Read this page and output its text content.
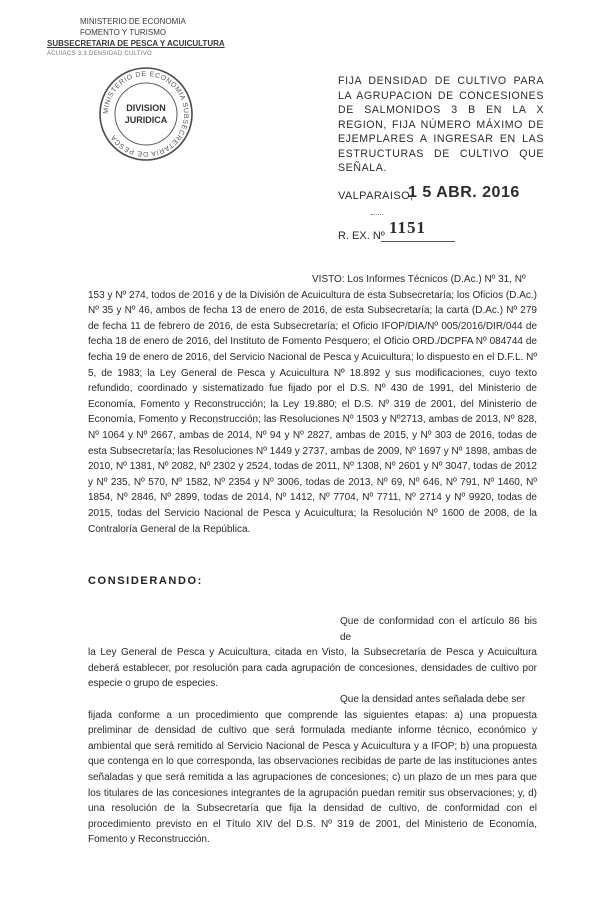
MINISTERIO DE ECONOMIA
FOMENTO Y TURISMO
SUBSECRETARIA DE PESCA Y ACUICULTURA
ACUIACS 3.3 DENSIDAD CULTIVO
MINISTERIO DE ECONOMIA SUBSECRETARIA DE PESCA
DIVISION
JURIDICA
FIJA DENSIDAD DE CULTIVO PARA LA AGRUPACION DE CONCESIONES DE SALMONIDOS 3 B EN LA X REGION, FIJA NÚMERO MÁXIMO DE EJEMPLARES A INGRESAR EN LAS ESTRUCTURAS DE CULTIVO QUE SEÑALA.
VALPARAISO,
1 5 ABR. 2016
R. EX. Nº 1151
VISTO: Los Informes Técnicos (D.Ac.) Nº 31, Nº
153 y Nº 274, todos de 2016 y de la División de Acuicultura de esta Subsecretaría; los Oficios (D.Ac.) Nº 35 y Nº 46, ambos de fecha 13 de enero de 2016, de esta Subsecretaría; la carta (D.Ac.) Nº 279 de fecha 11 de febrero de 2016, de esta Subsecretaría; el Oficio IFOP/DIA/Nº 005/2016/DIR/044 de fecha 18 de enero de 2016, del Instituto de Fomento Pesquero; el Oficio ORD./DCPFA Nº 084744 de fecha 19 de enero de 2016, del Servicio Nacional de Pesca y Acuicultura; lo dispuesto en el D.F.L. Nº 5, de 1983; la Ley General de Pesca y Acuicultura Nº 18.892 y sus modificaciones, cuyo texto refundido, coordinado y sistematizado fue fijado por el D.S. Nº 430 de 1991, del Ministerio de Economía, Fomento y Reconstrucción; la Ley 19.880; el D.S. Nº 319 de 2001, del Ministerio de Economía, Fomento y Reconstrucción; las Resoluciones Nº 1503 y Nº2713, ambas de 2013, Nº 828, Nº 1064 y Nº 2667, ambas de 2014, Nº 94 y Nº 2827, ambas de 2015, y Nº 303 de 2016, todas de esta Subsecretaría; las Resoluciones Nº 1449 y 2737, ambas de 2009, Nº 1697 y Nº 1898, ambas de 2010, Nº 1381, Nº 2082, Nº 2302 y 2524, todas de 2011, Nº 1308, Nº 2601 y Nº 3047, todas de 2012 y Nº 235, Nº 570, Nº 1582, Nº 2354 y Nº 3006, todas de 2013, Nº 69, Nº 646, Nº 791, Nº 1460, Nº 1854, Nº 2846, Nº 2899, todas de 2014, Nº 1412, Nº 7704, Nº 7711, Nº 2714 y Nº 9920, todas de 2015, todas del Servicio Nacional de Pesca y Acuicultura; la Resolución Nº 1600 de 2008, de la Contraloría General de la República.
CONSIDERANDO:
Que de conformidad con el artículo 86 bis de
la Ley General de Pesca y Acuicultura, citada en Visto, la Subsecretaría de Pesca y Acuicultura deberá establecer, por resolución para cada agrupación de concesiones, densidades de cultivo por especie o grupo de especies.
Que la densidad antes señalada debe ser
fijada conforme a un procedimiento que comprende las siguientes etapas: a) una propuesta preliminar de densidad de cultivo que será formulada mediante informe técnico, económico y ambiental que será remitido al Servicio Nacional de Pesca y Acuicultura y a IFOP; b) una propuesta que contenga en lo que corresponda, las observaciones recibidas de parte de las instituciones antes señaladas y que será remitida a las agrupaciones de concesiones; c) un plazo de un mes para que los titulares de las concesiones integrantes de la agrupación puedan remitir sus observaciones; y, d) una resolución de la Subsecretaría que fija la densidad de cultivo, de conformidad con el procedimiento previsto en el Título XIV del D.S. Nº 319 de 2001, del Ministerio de Economía, Fomento y Reconstrucción.
